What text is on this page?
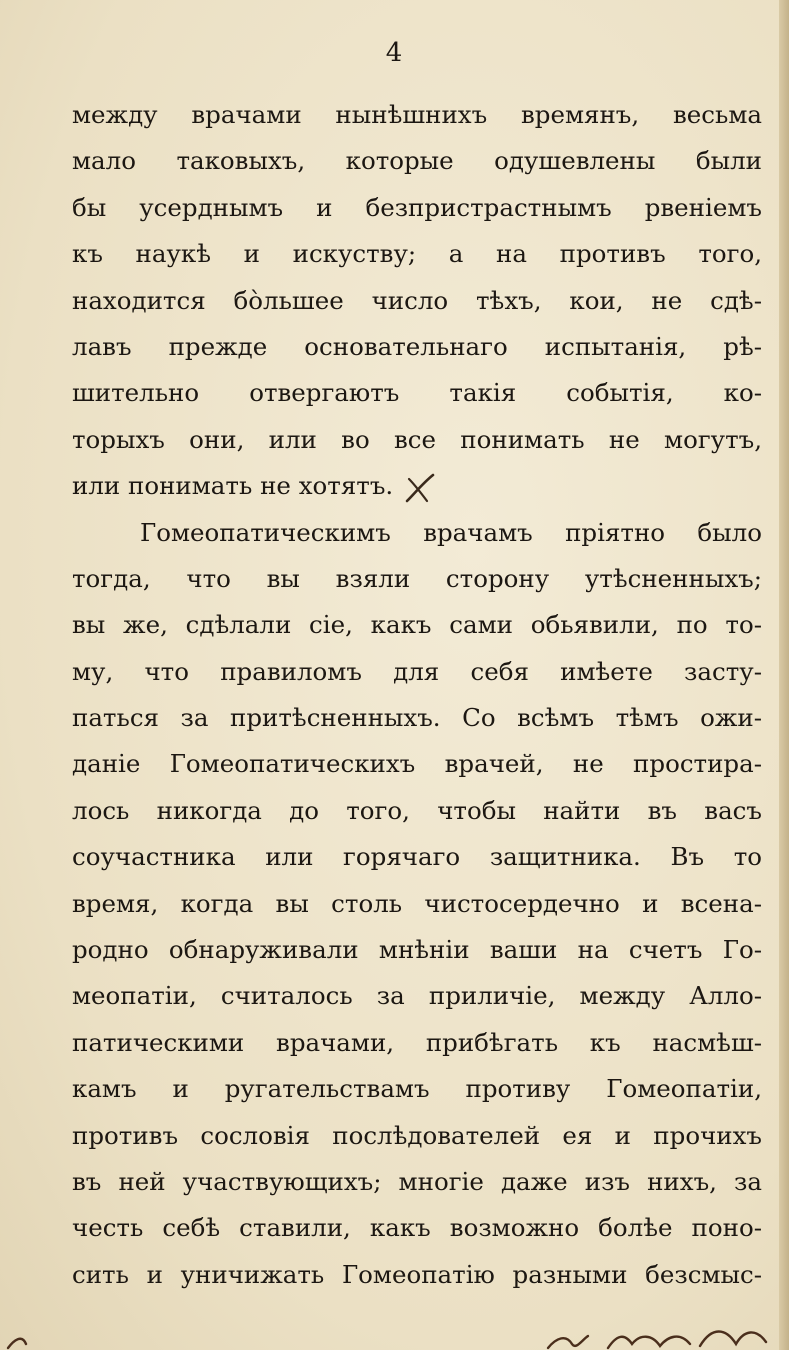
4
между врачами нынѣшнихъ времянъ, весьма
мало таковыхъ, которые одушевлены были
бы усерднымъ и безпристрастнымъ рвеніемъ
къ наукѣ и искуству; а на противъ того,
находится бо̀льшее число тѣхъ, кои, не сдѣ-
лавъ прежде основательнаго испытанія, рѣ-
шительно отвергаютъ такія событія, ко-
торыхъ они, или во все понимать не могутъ,
или понимать не хотятъ.
Гомеопатическимъ врачамъ пріятно было
тогда, что вы взяли сторону утѣсненныхъ;
вы же, сдѣлали сіе, какъ сами обьявили, по то-
му, что правиломъ для себя имѣете засту-
паться за притѣсненныхъ. Со всѣмъ тѣмъ ожи-
даніе Гомеопатическихъ врачей, не простира-
лось никогда до того, чтобы найти въ васъ
соучастника или горячаго защитника. Въ то
время, когда вы столь чистосердечно и всена-
родно обнаруживали мнѣніи ваши на счетъ Го-
меопатіи, считалось за приличіе, между Алло-
патическими врачами, прибѣгать къ насмѣш-
камъ и ругательствамъ противу Гомеопатіи,
противъ сословія послѣдователей ея и прочихъ
въ ней участвующихъ; многіе даже изъ нихъ, за
честь себѣ ставили, какъ возможно болѣе поно-
сить и уничижать Гомеопатію разными безсмыс-
